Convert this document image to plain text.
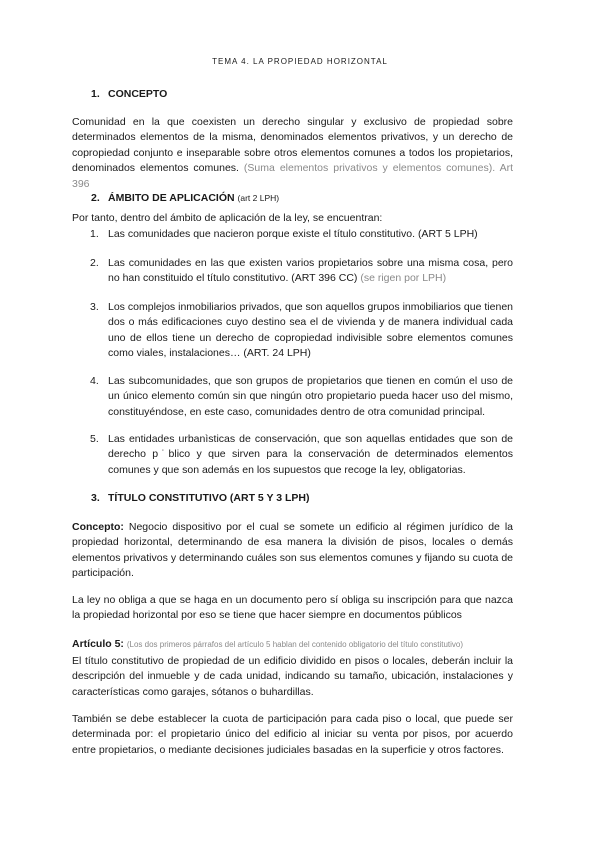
TEMA 4. LA PROPIEDAD HORIZONTAL
1. CONCEPTO

Comunidad en la que coexisten un derecho singular y exclusivo de propiedad sobre determinados elementos de la misma, denominados elementos privativos, y un derecho de copropiedad conjunto e inseparable sobre otros elementos comunes a todos los propietarios, denominados elementos comunes. (Suma elementos privativos y elementos comunes). Art 396

2. ÁMBITO DE APLICACIÓN (art 2 LPH)

Por tanto, dentro del ámbito de aplicación de la ley, se encuentran:

1. Las comunidades que nacieron porque existe el título constitutivo. (ART 5 LPH)
2. Las comunidades en las que existen varios propietarios sobre una misma cosa, pero no han constituido el título constitutivo. (ART 396 CC) (se rigen por LPH)
3. Los complejos inmobiliarios privados, que son aquellos grupos inmobiliarios que tienen dos o más edificaciones cuyo destino sea el de vivienda y de manera individual cada uno de ellos tiene un derecho de copropiedad indivisible sobre elementos comunes como viales, instalaciones… (ART. 24 LPH)
4. Las subcomunidades, que son grupos de propietarios que tienen en común el uso de un único elemento común sin que ningún otro propietario pueda hacer uso del mismo, constituyéndose, en este caso, comunidades dentro de otra comunidad principal.
5. Las entidades urbanìsticas de conservación, que son aquellas entidades que son de derecho p˙blico y que sirven para la conservación de determinados elementos comunes y que son además en los supuestos que recoge la ley, obligatorias.
3. TÍTULO CONSTITUTIVO (ART 5 Y 3 LPH)

Concepto: Negocio dispositivo por el cual se somete un edificio al régimen jurídico de la propiedad horizontal, determinando de esa manera la división de pisos, locales o demás elementos privativos y determinando cuáles son sus elementos comunes y fijando su cuota de participación.

La ley no obliga a que se haga en un documento pero sí obliga su inscripción para que nazca la propiedad horizontal por eso se tiene que hacer siempre en documentos públicos

Artículo 5: (Los dos primeros párrafos del artículo 5 hablan del contenido obligatorio del título constitutivo)

El título constitutivo de propiedad de un edificio dividido en pisos o locales, deberán incluir la descripción del inmueble y de cada unidad, indicando su tamaño, ubicación, instalaciones y características como garajes, sótanos o buhardillas.

También se debe establecer la cuota de participación para cada piso o local, que puede ser determinada por: el propietario único del edificio al iniciar su venta por pisos, por acuerdo entre propietarios, o mediante decisiones judiciales basadas en la superficie y otros factores.
